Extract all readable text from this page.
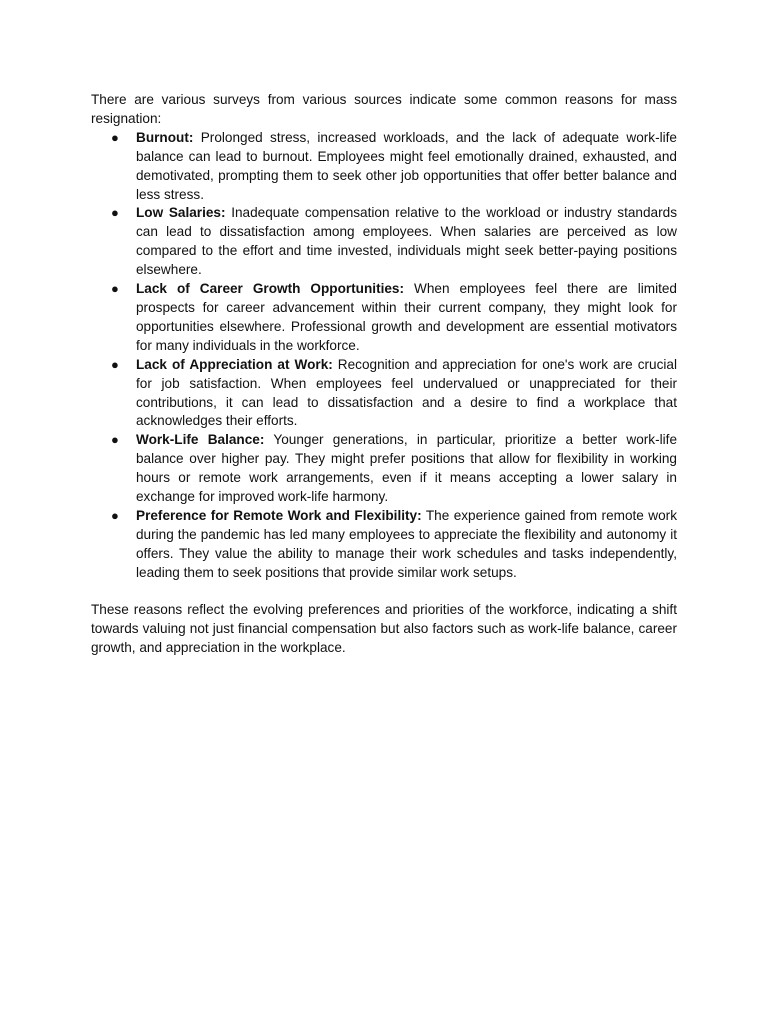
There are various surveys from various sources indicate some common reasons for mass resignation:

● Burnout: Prolonged stress, increased workloads, and the lack of adequate work-life balance can lead to burnout. Employees might feel emotionally drained, exhausted, and demotivated, prompting them to seek other job opportunities that offer better balance and less stress.
● Low Salaries: Inadequate compensation relative to the workload or industry standards can lead to dissatisfaction among employees. When salaries are perceived as low compared to the effort and time invested, individuals might seek better-paying positions elsewhere.
● Lack of Career Growth Opportunities: When employees feel there are limited prospects for career advancement within their current company, they might look for opportunities elsewhere. Professional growth and development are essential motivators for many individuals in the workforce.
● Lack of Appreciation at Work: Recognition and appreciation for one's work are crucial for job satisfaction. When employees feel undervalued or unappreciated for their contributions, it can lead to dissatisfaction and a desire to find a workplace that acknowledges their efforts.
● Work-Life Balance: Younger generations, in particular, prioritize a better work-life balance over higher pay. They might prefer positions that allow for flexibility in working hours or remote work arrangements, even if it means accepting a lower salary in exchange for improved work-life harmony.
● Preference for Remote Work and Flexibility: The experience gained from remote work during the pandemic has led many employees to appreciate the flexibility and autonomy it offers. They value the ability to manage their work schedules and tasks independently, leading them to seek positions that provide similar work setups.

These reasons reflect the evolving preferences and priorities of the workforce, indicating a shift towards valuing not just financial compensation but also factors such as work-life balance, career growth, and appreciation in the workplace.
